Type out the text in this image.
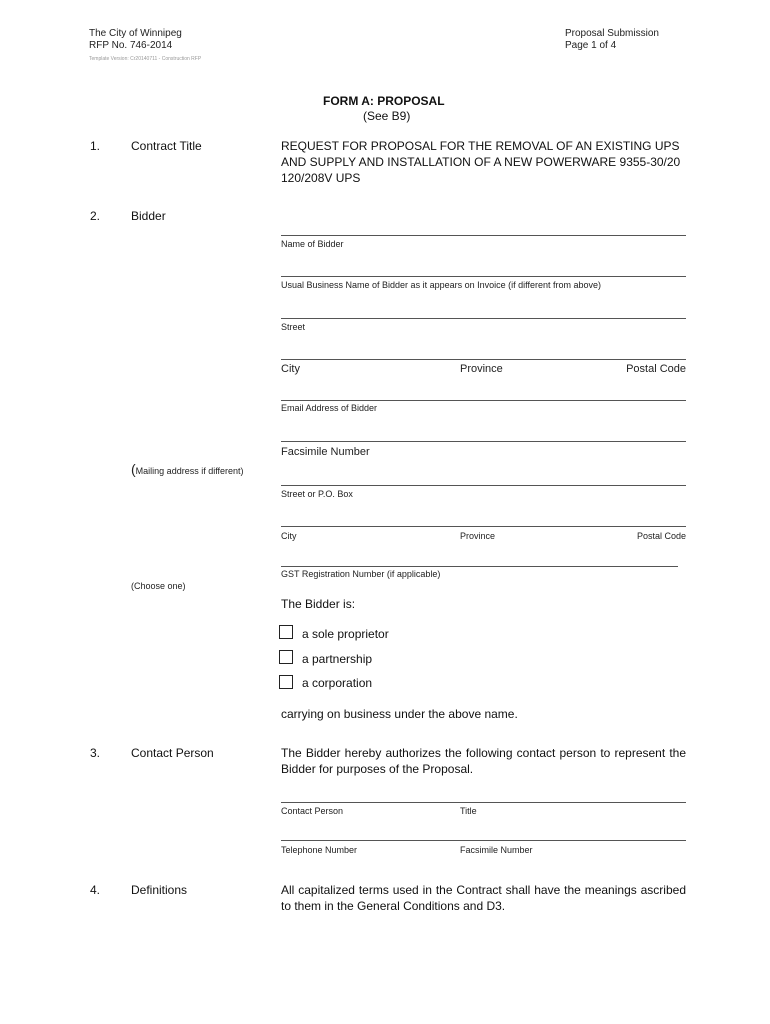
The City of Winnipeg
RFP No. 746-2014
Template Version: Cr20140711 - Construction RFP
Proposal Submission
Page 1 of 4
FORM A: PROPOSAL
(See B9)
1.	Contract Title	REQUEST FOR PROPOSAL FOR THE REMOVAL OF AN EXISTING UPS AND SUPPLY AND INSTALLATION OF A NEW POWERWARE 9355-30/20 120/208V UPS
2.	Bidder
Name of Bidder
Usual Business Name of Bidder as it appears on Invoice (if different from above)
Street
City	Province	Postal Code
Email Address of Bidder
Facsimile Number
(Mailing address if different)
Street or P.O. Box
City	Province	Postal Code
GST Registration Number (if applicable)
(Choose one)
The Bidder is:
a sole proprietor
a partnership
a corporation
carrying on business under the above name.
3.	Contact Person	The Bidder hereby authorizes the following contact person to represent the Bidder for purposes of the Proposal.
Contact Person	Title
Telephone Number	Facsimile Number
4.	Definitions	All capitalized terms used in the Contract shall have the meanings ascribed to them in the General Conditions and D3.
